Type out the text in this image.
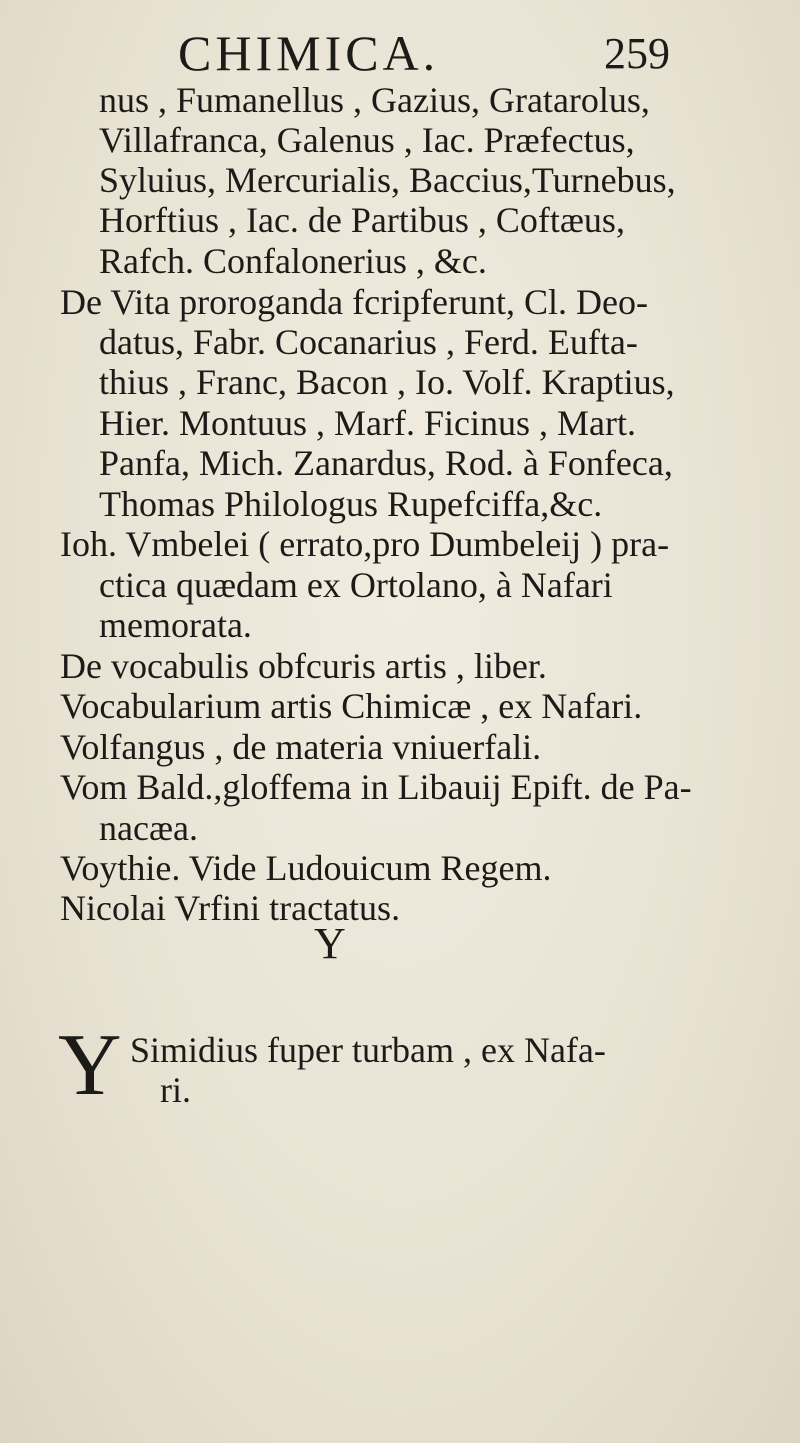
CHIMICA.	259
nus , Fumanellus , Gazius, Gratarolus,
Villafranca, Galenus , Iac. Præfectus,
Syluius, Mercurialis, Baccius,Turnebus,
Horftius , Iac. de Partibus , Coftæus,
Rafch. Confalonerius , &c.
De Vita proroganda fcripferunt, Cl. Deo-
datus, Fabr. Cocanarius , Ferd. Eufta-
thius , Franc, Bacon , Io. Volf. Kraptius,
Hier. Montuus , Marf. Ficinus , Mart.
Panfa, Mich. Zanardus, Rod. à Fonfeca,
Thomas Philologus Rupefciffa,&c.
Ioh. Vmbelei ( errato,pro Dumbeleij ) pra-
ctica quædam ex Ortolano, à Nafari
memorata.
De vocabulis obfcuris artis , liber.
Vocabularium artis Chimicæ , ex Nafari.
Volfangus , de materia vniuerfali.
Vom Bald.,gloffema in Libauij Epift. de Pa-
nacæa.
Voythie. Vide Ludouicum Regem.
Nicolai Vrfini tractatus.
Y
Y Simidius fuper turbam , ex Nafa-
ri.
